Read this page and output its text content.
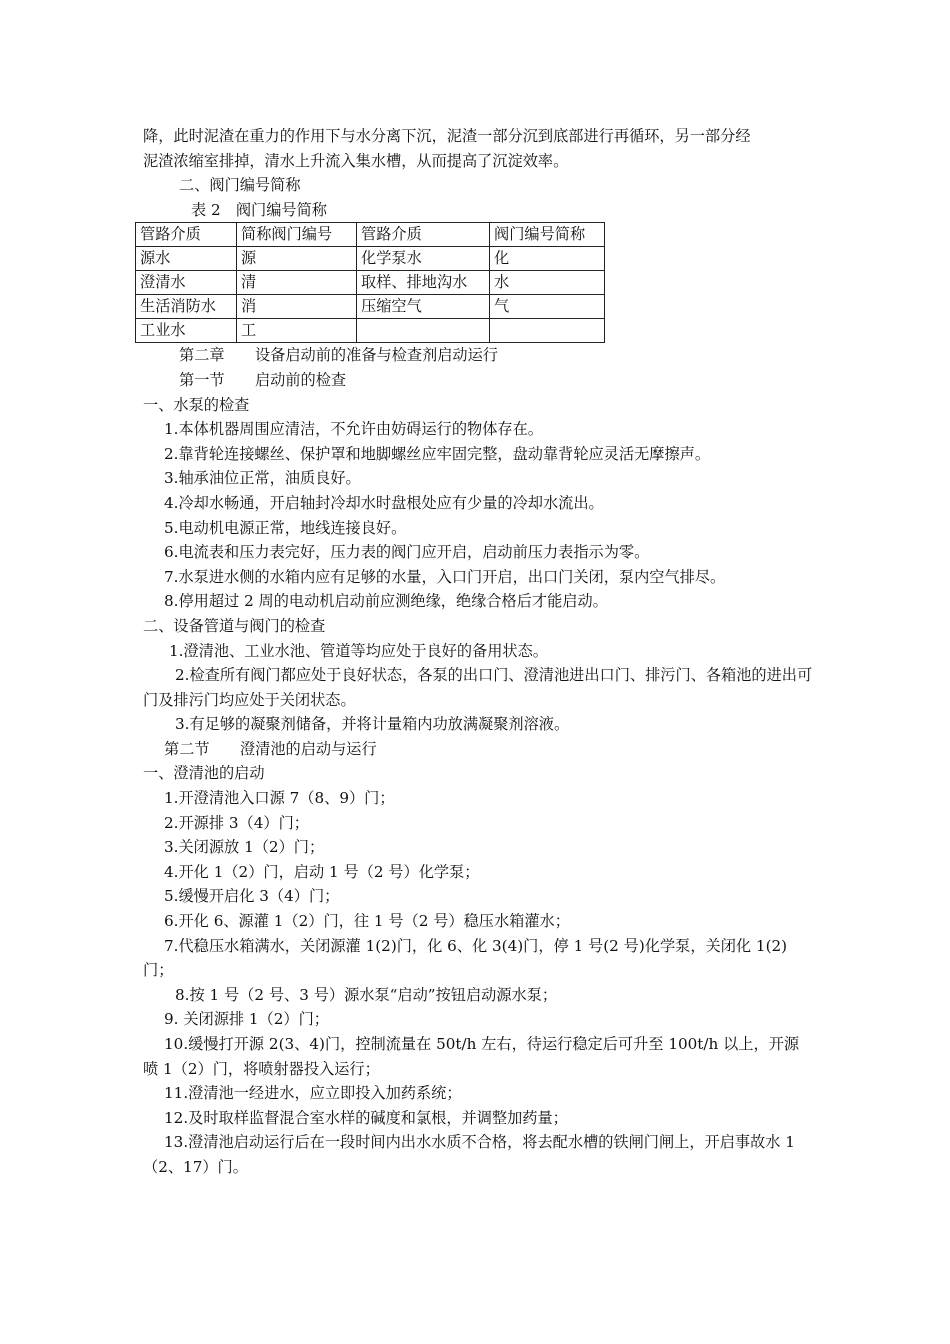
降，此时泥渣在重力的作用下与水分离下沉，泥渣一部分沉到底部进行再循环，另一部分经

泥渣浓缩室排掉，清水上升流入集水槽，从而提高了沉淀效率。

二、阀门编号简称

表 2　阀门编号简称

管路介质	简称阀门编号	管路介质	阀门编号简称
源水	源	化学泵水	化
澄清水	清	取样、排地沟水	水
生活消防水	消	压缩空气	气
工业水	工		

第二章　　设备启动前的准备与检查剂启动运行

第一节　　启动前的检查

一、水泵的检查

1.本体机器周围应清洁，不允许由妨碍运行的物体存在。

2.靠背轮连接螺丝、保护罩和地脚螺丝应牢固完整，盘动靠背轮应灵活无摩擦声。

3.轴承油位正常，油质良好。

4.冷却水畅通，开启轴封冷却水时盘根处应有少量的冷却水流出。

5.电动机电源正常，地线连接良好。

6.电流表和压力表完好，压力表的阀门应开启，启动前压力表指示为零。

7.水泵进水侧的水箱内应有足够的水量，入口门开启，出口门关闭，泵内空气排尽。

8.停用超过 2 周的电动机启动前应测绝缘，绝缘合格后才能启动。

二、设备管道与阀门的检查

1.澄清池、工业水池、管道等均应处于良好的备用状态。

2.检查所有阀门都应处于良好状态，各泵的出口门、澄清池进出口门、排污门、各箱池的进出可门及排污门均应处于关闭状态。

3.有足够的凝聚剂储备，并将计量箱内功放满凝聚剂溶液。

第二节　　澄清池的启动与运行

一、澄清池的启动

1.开澄清池入口源 7（8、9）门；

2.开源排 3（4）门；

3.关闭源放 1（2）门；

4.开化 1（2）门，启动 1 号（2 号）化学泵；

5.缓慢开启化 3（4）门；

6.开化 6、源灌 1（2）门，往 1 号（2 号）稳压水箱灌水；

7.代稳压水箱满水，关闭源灌 1(2)门，化 6、化 3(4)门，停 1 号(2 号)化学泵，关闭化 1(2)门；

8.按 1 号（2 号、3 号）源水泵“启动”按钮启动源水泵；

9. 关闭源排 1（2）门；

10.缓慢打开源 2(3、4)门，控制流量在 50t/h 左右，待运行稳定后可升至 100t/h 以上，开源喷 1（2）门，将喷射器投入运行；

11.澄清池一经进水，应立即投入加药系统；

12.及时取样监督混合室水样的碱度和氯根，并调整加药量；

13.澄清池启动运行后在一段时间内出水水质不合格，将去配水槽的铁闸门闸上，开启事故水 1（2、17）门。
